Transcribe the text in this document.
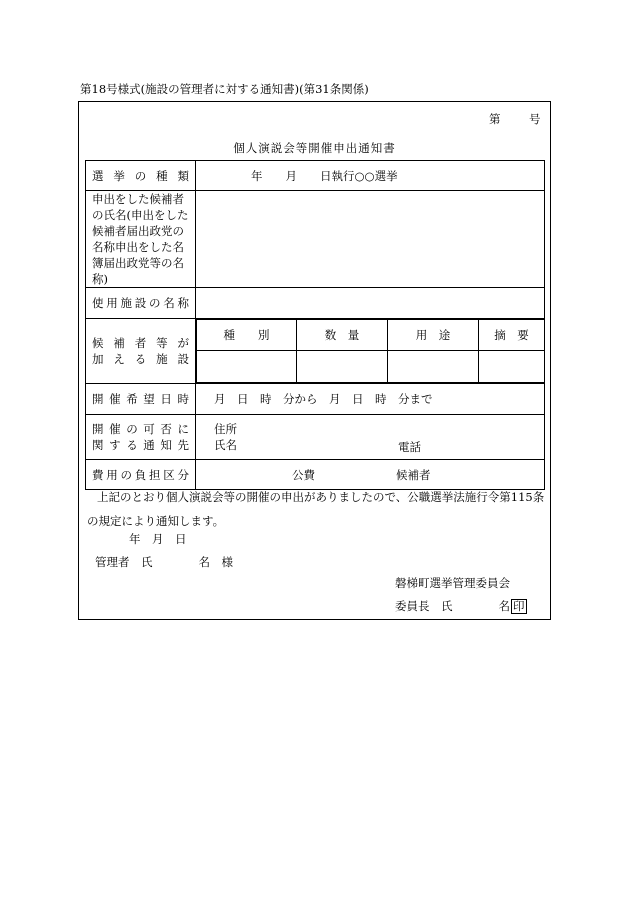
第18号様式(施設の管理者に対する通知書)(第31条関係)
第 号
個人演説会等開催申出通知書
選 挙 の 種 類	年　　月　　日執行○○選挙
申出をした候補者の氏名(申出をした候補者届出政党の名称申出をした名簿届出政党等の名称)	

使 用 施 設 の 名 称

候 補 者 等 が
加 え る 施 設

種　　別	数　量	用　途	摘　要

開 催 希 望 日 時	月　日　時　分から　月　日　時　分まで

開 催 の 可 否 に
関 す る 通 知 先

住所
氏名	電話

費 用 の 負 担 区 分	公費	候補者
上記のとおり個人演説会等の開催の申出がありましたので、公職選挙法施行令第115条の規定により通知します。
年　月　日
管理者　氏　　　　名　様
磐梯町選挙管理委員会
委員長　氏　　　　名 印
